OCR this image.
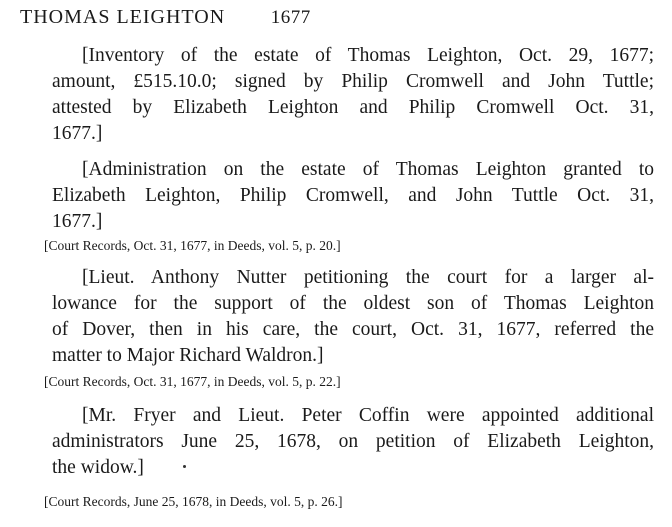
THOMAS LEIGHTON 1677
[Inventory of the estate of Thomas Leighton, Oct. 29, 1677;
amount, £515.10.0; signed by Philip Cromwell and John Tuttle;
attested by Elizabeth Leighton and Philip Cromwell Oct. 31,
1677.]
[Administration on the estate of Thomas Leighton granted to
Elizabeth Leighton, Philip Cromwell, and John Tuttle Oct. 31,
1677.]
[Court Records, Oct. 31, 1677, in Deeds, vol. 5, p. 20.]
[Lieut. Anthony Nutter petitioning the court for a larger al-
lowance for the support of the oldest son of Thomas Leighton
of Dover, then in his care, the court, Oct. 31, 1677, referred the
matter to Major Richard Waldron.]
[Court Records, Oct. 31, 1677, in Deeds, vol. 5, p. 22.]
[Mr. Fryer and Lieut. Peter Coffin were appointed additional
administrators June 25, 1678, on petition of Elizabeth Leighton,
the widow.]
[Court Records, June 25, 1678, in Deeds, vol. 5, p. 26.]
